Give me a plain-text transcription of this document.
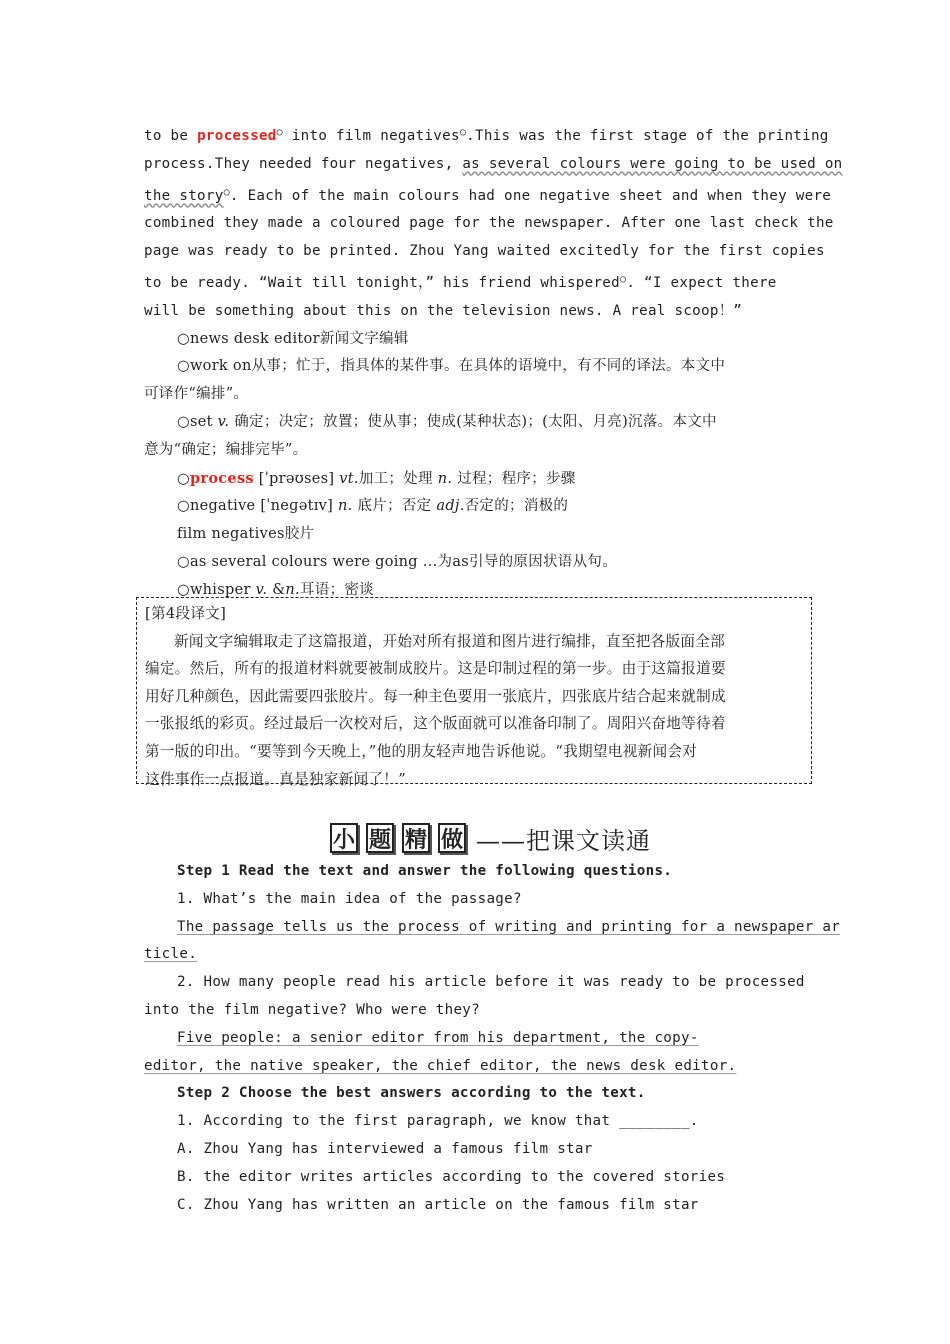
to be processed○ into film negatives○.This was the first stage of the printing
process.They needed four negatives, as several colours were going to be used on
the story○. Each of the main colours had one negative sheet and when they were
combined they made a coloured page for the newspaper. After one last check the
page was ready to be printed. Zhou Yang waited excitedly for the first copies
to be ready. “Wait till tonight，” his friend whispered○. “I expect there
will be something about this on the television news. A real scoop！”
○news desk editor新闻文字编辑
○work on从事；忙于，指具体的某件事。在具体的语境中，有不同的译法。本文中
可译作“编排”。
○set v. 确定；决定；放置；使从事；使成(某种状态)；(太阳、月亮)沉落。本文中
意为“确定；编排完毕”。
○process [ˈprəʊses] vt.加工；处理 n. 过程；程序；步骤
○negative [ˈneɡətɪv] n. 底片；否定 adj.否定的；消极的
film negatives胶片
○as several colours were going ...为as引导的原因状语从句。
○whisper v. &n.耳语；密谈
[第4段译文]
新闻文字编辑取走了这篇报道，开始对所有报道和图片进行编排，直至把各版面全部
编定。然后，所有的报道材料就要被制成胶片。这是印制过程的第一步。由于这篇报道要
用好几种颜色，因此需要四张胶片。每一种主色要用一张底片，四张底片结合起来就制成
一张报纸的彩页。经过最后一次校对后，这个版面就可以准备印制了。周阳兴奋地等待着
第一版的印出。“要等到今天晚上，”他的朋友轻声地告诉他说。“我期望电视新闻会对
这件事作一点报道。真是独家新闻了！”
小 题 精 做 ——把课文读通
Step 1 Read the text and answer the following questions.
1. What’s the main idea of the passage?
The passage tells us the process of writing and printing for a newspaper ar
ticle.
2. How many people read his article before it was ready to be processed
into the film negative? Who were they?
Five people: a senior editor from his department, the copy-
editor, the native speaker, the chief editor, the news desk editor.
Step 2 Choose the best answers according to the text.
1. According to the first paragraph, we know that ________.
A. Zhou Yang has interviewed a famous film star
B. the editor writes articles according to the covered stories
C. Zhou Yang has written an article on the famous film star
